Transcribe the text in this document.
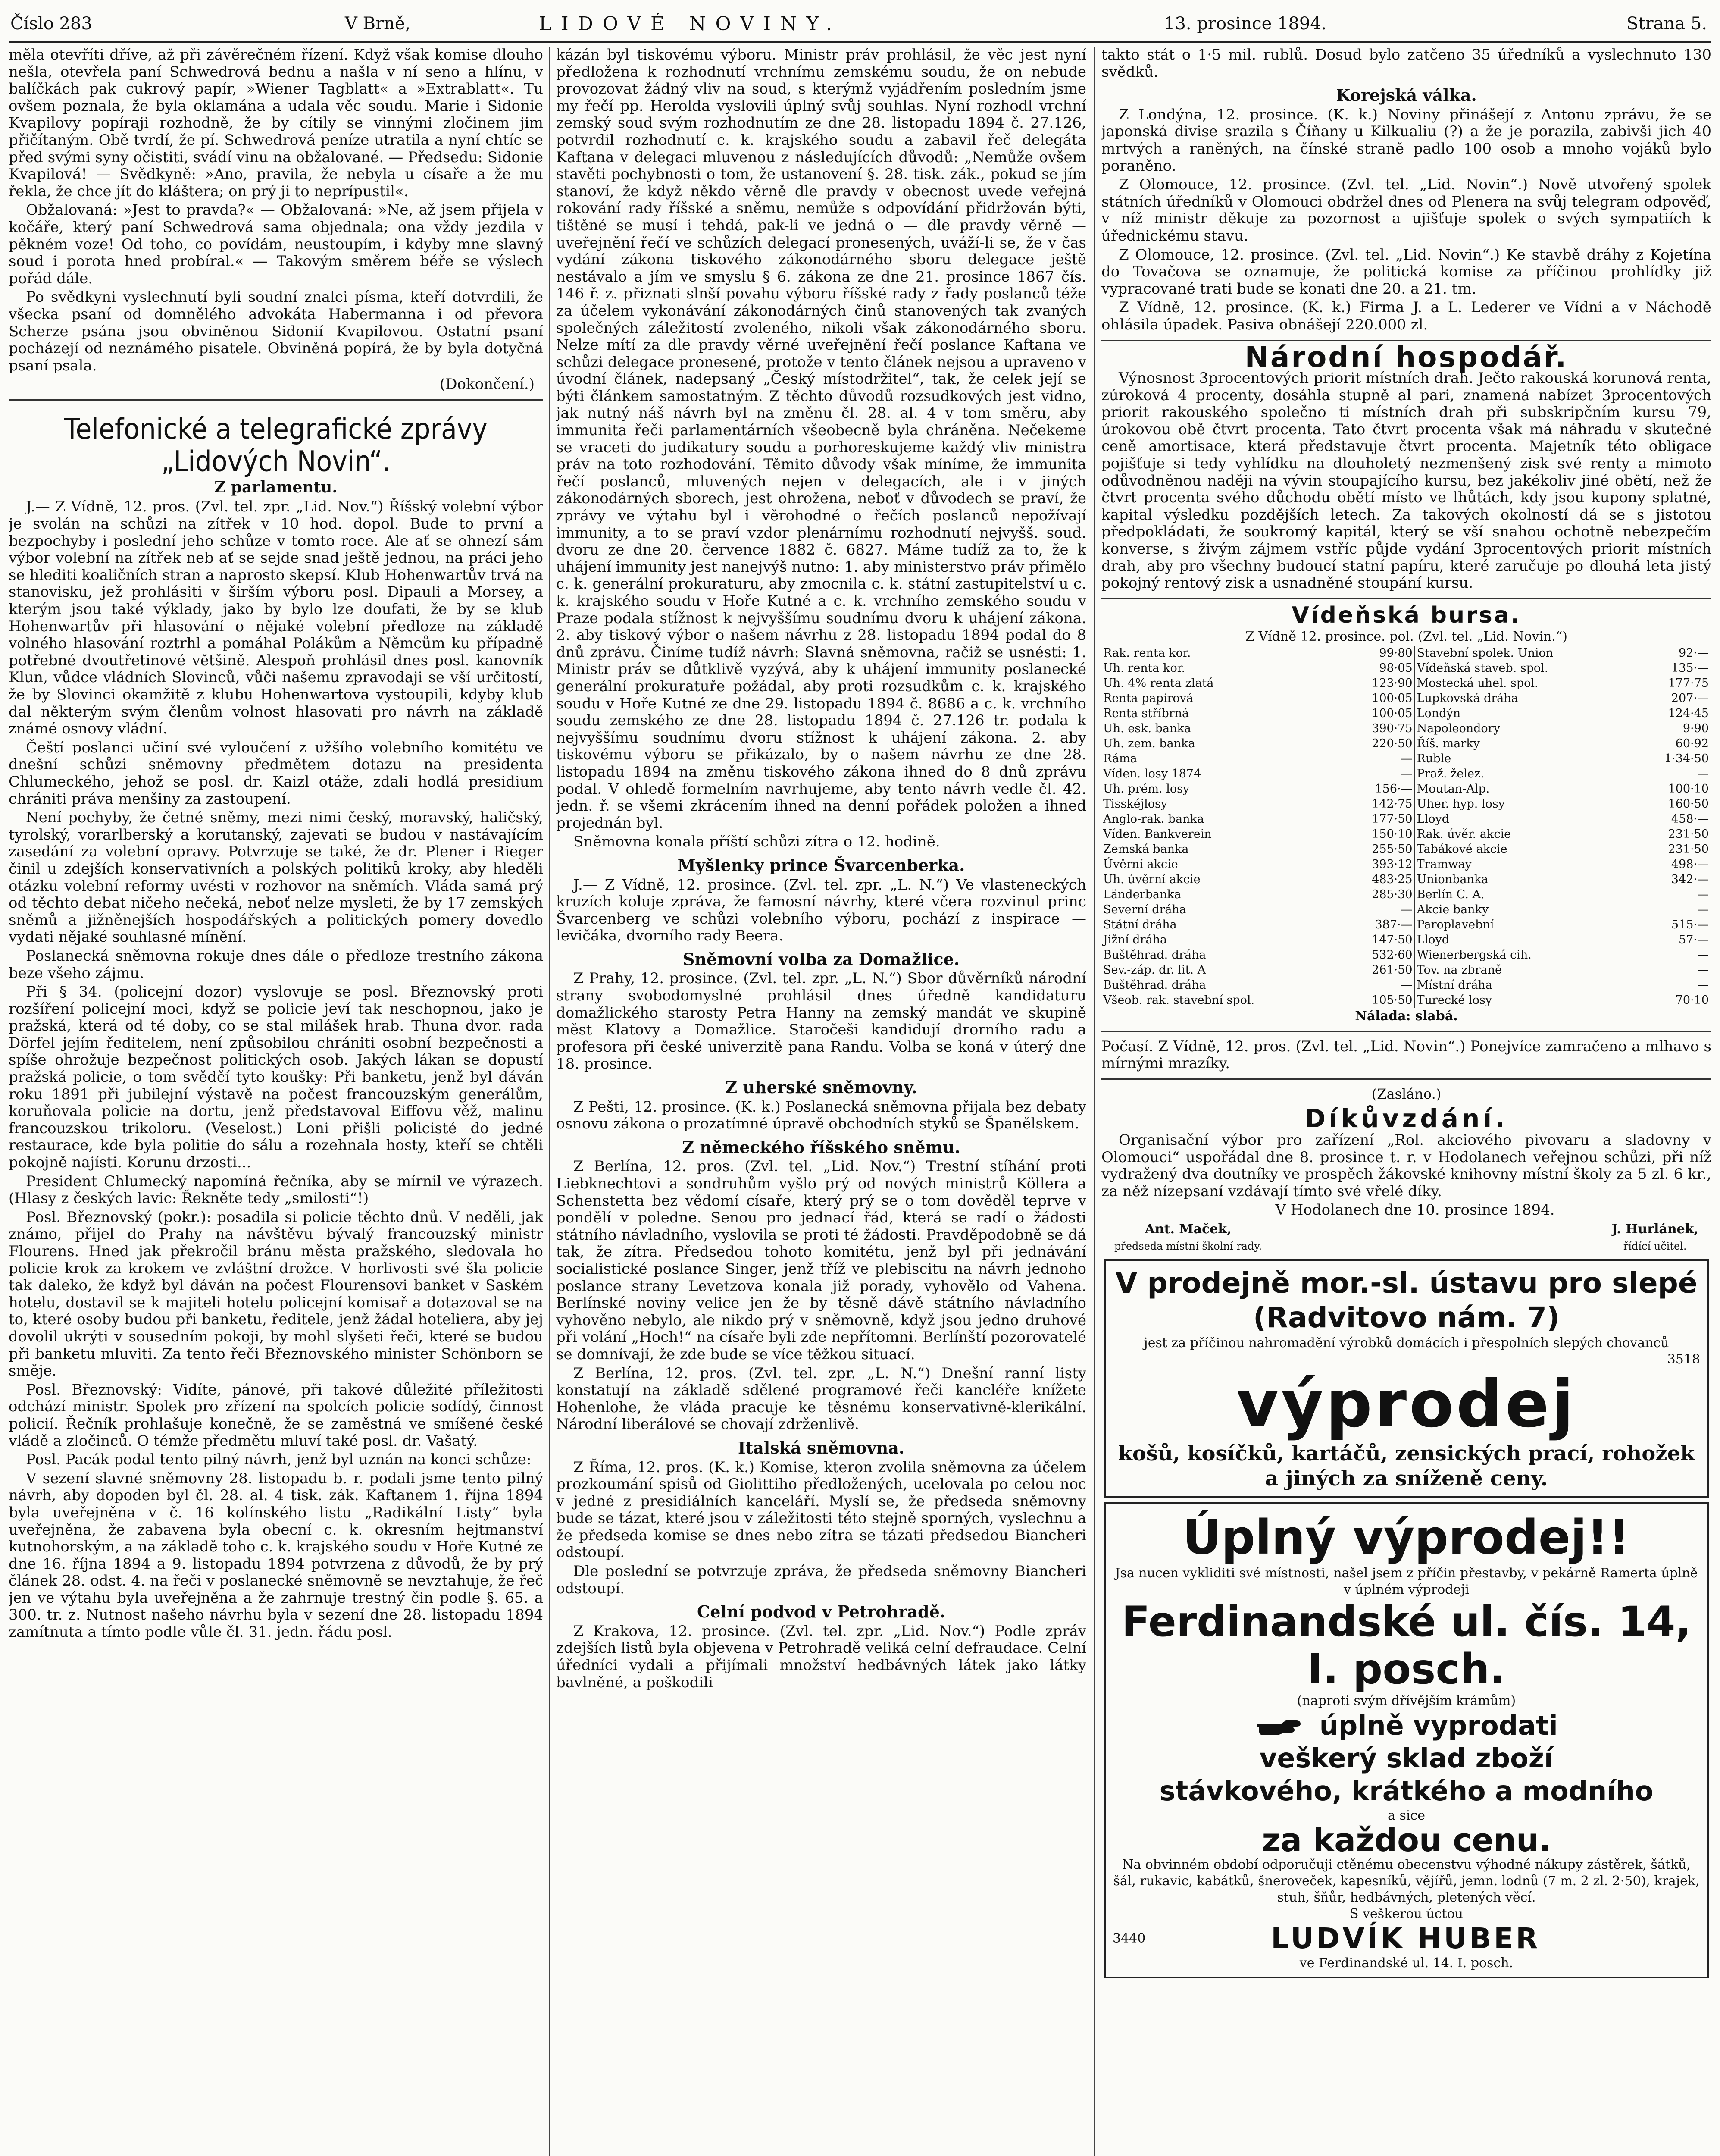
Číslo 283	V Brně,	LIDOVÉ NOVINY.	13. prosince 1894.	Strana 5.

měla otevříti dříve, až při závěrečném řízení. Když však komise dlouho nešla, otevřela paní Schwedrová bednu a našla v ní seno a hlínu, v balíčkách pak cukrový papír, »Wiener Tagblatt« a »Extrablatt«. Tu ovšem poznala, že byla oklamána a udala věc soudu. Marie i Sidonie Kvapilovy popíraji rozhodně, že by cítily se vinnými zločinem jim přičítaným. Obě tvrdí, že pí. Schwedrová peníze utratila a nyní chtíc se před svými syny očistiti, svádí vinu na obžalované. — Předsedu: Sidonie Kvapilová! — Svědkyně: »Ano, pravila, že nebyla u císaře a že mu řekla, že chce jít do kláštera; on prý ji to neprípustil«.

Obžalovaná: »Jest to pravda?« — Obžalovaná: »Ne, až jsem přijela v kočáře, který paní Schwedrová sama objednala; ona vždy jezdila v pěkném voze! Od toho, co povídám, neustoupím, i kdyby mne slavný soud i porota hned probíral.« — Takovým směrem béře se výslech pořád dále.

Po svědkyni vyslechnutí byli soudní znalci písma, kteří dotvrdili, že všecka psaní od domnělého advokáta Habermanna i od převora Scherze psána jsou obviněnou Sidonií Kvapilovou. Ostatní psaní pocházejí od neznámého pisatele. Obviněná popírá, že by byla dotyčná psaní psala.

(Dokončení.)
Telefonické a telegrafické zprávy „Lidových Novin“.
Z parlamentu.

J.— Z Vídně, 12. pros. (Zvl. tel. zpr. „Lid. Nov.“) Říšský volební výbor je svolán na schůzi na zítřek v 10 hod. dopol. Bude to první a bezpochyby i poslední jeho schůze v tomto roce. Ale ať se ohnezí sám výbor volební na zítřek neb ať se sejde snad ještě jednou, na práci jeho se hlediti koaličních stran a naprosto skepsí. Klub Hohenwartův trvá na stanovisku, jež prohlásiti v širším výboru posl. Dipauli a Morsey, a kterým jsou také výklady, jako by bylo lze doufati, že by se klub Hohenwartův při hlasování o nějaké volební předloze na základě volného hlasování roztrhl a pomáhal Polákům a Němcům ku případně potřebné dvoutřetinové většině. Alespoň prohlásil dnes posl. kanovník Klun, vůdce vládních Slovinců, vůči našemu zpravodaji se vší určitostí, že by Slovinci okamžitě z klubu Hohenwartova vystoupili, kdyby klub dal některým svým členům volnost hlasovati pro návrh na základě známé osnovy vládní.

Čeští poslanci učiní své vyloučení z užšího volebního komitétu ve dnešní schůzi sněmovny předmětem dotazu na presidenta Chlumeckého, jehož se posl. dr. Kaizl otáže, zdali hodlá presidium chrániti práva menšiny za zastoupení.

Není pochyby, že četné sněmy, mezi nimi český, moravský, haličský, tyrolský, vorarlberský a korutanský, zajevati se budou v nastávajícím zasedání za volební opravy. Potvrzuje se také, že dr. Plener i Rieger činil u zdejších konservativních a polských politiků kroky, aby hleděli otázku volební reformy uvésti v rozhovor na sněmích. Vláda samá prý od těchto debat ničeho nečeká, neboť nelze mysleti, že by 17 zemských sněmů a jižněnejších hospodářských a politických pomery dovedlo vydati nějaké souhlasné mínění.

Poslanecká sněmovna rokuje dnes dále o předloze trestního zákona beze všeho zájmu.

Při § 34. (policejní dozor) vyslovuje se posl. Březnovský proti rozšíření policejní moci, když se policie jeví tak neschopnou, jako je pražská, která od té doby, co se stal milášek hrab. Thuna dvor. rada Dörfel jejím ředitelem, není způsobilou chrániti osobní bezpečnosti a spíše ohrožuje bezpečnost politických osob. Jakých lákan se dopustí pražská policie, o tom svědčí tyto koušky: Při banketu, jenž byl dáván roku 1891 při jubilejní výstavě na počest francouzským generálům, koruňovala policie na dortu, jenž představoval Eiffovu věž, malinu francouzskou trikoloru. (Veselost.) Loni přišli policisté do jedné restaurace, kde byla politie do sálu a rozehnala hosty, kteří se chtěli pokojně najísti. Korunu drzosti...

President Chlumecký napomíná řečníka, aby se mírnil ve výrazech. (Hlasy z českých lavic: Řekněte tedy „smilosti“!)

Posl. Březnovský (pokr.): posadila si policie těchto dnů. V neděli, jak známo, přijel do Prahy na návštěvu bývalý francouzský ministr Flourens. Hned jak překročil bránu města pražského, sledovala ho policie krok za krokem ve zvláštní drožce. V horlivosti své šla policie tak daleko, že když byl dáván na počest Flourensovi banket v Saském hotelu, dostavil se k majiteli hotelu policejní komisař a dotazoval se na to, které osoby budou při banketu, ředitele, jenž žádal hoteliera, aby jej dovolil ukrýti v sousedním pokoji, by mohl slyšeti řeči, které se budou při banketu mluviti. Za tento řeči Březnovského minister Schönborn se směje.

Posl. Březnovský: Vidíte, pánové, při takové důležité příležitosti odchází ministr. Spolek pro zřízení na spolcích policie sodídý, činnost policií. Řečník prohlašuje konečně, že se zaměstná ve smíšené české vládě a zločinců. O témže předmětu mluví také posl. dr. Vašatý.

Posl. Pacák podal tento pilný návrh, jenž byl uznán na konci schůze:

V sezení slavné sněmovny 28. listopadu b. r. podali jsme tento pilný návrh, aby dopoden byl čl. 28. al. 4 tisk. zák. Kaftanem 1. října 1894 byla uveřejněna v č. 16 kolínského listu „Radikální Listy“ byla uveřejněna, že zabavena byla obecní c. k. okresním hejtmanství kutnohorským, a na základě toho c. k. krajského soudu v Hoře Kutné ze dne 16. října 1894 a 9. listopadu 1894 potvrzena z důvodů, že by prý článek 28. odst. 4. na řeči v poslanecké sněmovně se nevztahuje, že řeč jen ve výtahu byla uveřejněna a že zahrnuje trestný čin podle §. 65. a 300. tr. z. Nutnost našeho návrhu byla v sezení dne 28. listopadu 1894 zamítnuta a tímto podle vůle čl. 31. jedn. řádu posl.

kázán byl tiskovému výboru. Ministr práv prohlásil, že věc jest nyní předložena k rozhodnutí vrchnímu zemskému soudu, že on nebude provozovat žádný vliv na soud, s kterýmž vyjádřením posledním jsme my řečí pp. Herolda vyslovili úplný svůj souhlas. Nyní rozhodl vrchní zemský soud svým rozhodnutím ze dne 28. listopadu 1894 č. 27.126, potvrdil rozhodnutí c. k. krajského soudu a zabavil řeč delegáta Kaftana v delegaci mluvenou z následujících důvodů: „Nemůže ovšem stavěti pochybnosti o tom, že ustanovení §. 28. tisk. zák., pokud se jím stanoví, že když někdo věrně dle pravdy v obecnost uvede veřejná rokování rady říšské a sněmu, nemůže s odpovídání přidržován býti, tištěné se musí i tehdá, pak-li ve jedná o — dle pravdy věrně — uveřejnění řečí ve schůzích delegací pronesených, uváží-li se, že v čas vydání zákona tiskového zákonodárného sboru delegace ještě nestávalo a jím ve smyslu § 6. zákona ze dne 21. prosince 1867 čís. 146 ř. z. přiznati slnší povahu výboru říšské rady z řady poslanců téže za účelem vykonávání zákonodárných činů stanovených tak zvaných společných záležitostí zvoleného, nikoli však zákonodárného sboru. Nelze mítí za dle pravdy věrné uveřejnění řečí poslance Kaftana ve schůzi delegace pronesené, protože v tento článek nejsou a upraveno v úvodní článek, nadepsaný „Český místodržitel“, tak, že celek její se býti článkem samostatným. Z těchto důvodů rozsudkových jest vidno, jak nutný náš návrh byl na změnu čl. 28. al. 4 v tom směru, aby immunita řeči parlamentárních všeobecně byla chráněna. Nečekeme se vraceti do judikatury soudu a porhoreskujeme každý vliv ministra práv na toto rozhodování. Těmito důvody však míníme, že immunita řečí poslanců, mluvených nejen v delegacích, ale i v jiných zákonodárných sborech, jest ohrožena, neboť v důvodech se praví, že zprávy ve výtahu byl i věrohodné o řečích poslanců nepožívají immunity, a to se praví vzdor plenárnímu rozhodnutí nejvyšš. soud. dvoru ze dne 20. července 1882 č. 6827. Máme tudíž za to, že k uhájení immunity jest nanejvýš nutno: 1. aby ministerstvo práv přimělo c. k. generální prokuraturu, aby zmocnila c. k. státní zastupitelství u c. k. krajského soudu v Hoře Kutné a c. k. vrchního zemského soudu v Praze podala stížnost k nejvyššímu soudnímu dvoru k uhájení zákona. 2. aby tiskový výbor o našem návrhu z 28. listopadu 1894 podal do 8 dnů zprávu. Činíme tudíž návrh: Slavná sněmovna, račiž se usnésti: 1. Ministr práv se důtklivě vyzývá, aby k uhájení immunity poslanecké generální prokuratuře požádal, aby proti rozsudkům c. k. krajského soudu v Hoře Kutné ze dne 29. listopadu 1894 č. 8686 a c. k. vrchního soudu zemského ze dne 28. listopadu 1894 č. 27.126 tr. podala k nejvyššímu soudnímu dvoru stížnost k uhájení zákona. 2. aby tiskovému výboru se přikázalo, by o našem návrhu ze dne 28. listopadu 1894 na změnu tiskového zákona ihned do 8 dnů zprávu podal. V ohledě formelním navrhujeme, aby tento návrh vedle čl. 42. jedn. ř. se všemi zkrácením ihned na denní pořádek položen a ihned projednán byl.

Sněmovna konala příští schůzi zítra o 12. hodině.

Myšlenky prince Švarcenberka.

J.— Z Vídně, 12. prosince. (Zvl. tel. zpr. „L. N.“) Ve vlasteneckých kruzích koluje zpráva, že famosní návrhy, které včera rozvinul princ Švarcenberg ve schůzi volebního výboru, pochází z inspirace — levičáka, dvorního rady Beera.

Sněmovní volba za Domažlice.

Z Prahy, 12. prosince. (Zvl. tel. zpr. „L. N.“) Sbor důvěrníků národní strany svobodomyslné prohlásil dnes úředně kandidaturu domažlického starosty Petra Hanny na zemský mandát ve skupině měst Klatovy a Domažlice. Staročeši kandidují drorního radu a profesora při české univerzitě pana Randu. Volba se koná v úterý dne 18. prosince.

Z uherské sněmovny.

Z Pešti, 12. prosince. (K. k.) Poslanecká sněmovna přijala bez debaty osnovu zákona o prozatímné úpravě obchodních styků se Španělskem.

Z německého říšského sněmu.

Z Berlína, 12. pros. (Zvl. tel. „Lid. Nov.“) Trestní stíhání proti Liebknechtovi a sondruhům vyšlo prý od nových ministrů Köllera a Schenstetta bez vědomí císaře, který prý se o tom dověděl teprve v pondělí v poledne. Senou pro jednací řád, která se radí o žádosti státního návladního, vyslovila se proti té žádosti. Pravděpodobně se dá tak, že zítra. Předsedou tohoto komitétu, jenž byl při jednávání socialistické poslance Singer, jenž tříž ve plebiscitu na návrh jednoho poslance strany Levetzova konala již porady, vyhovělo od Vahena. Berlínské noviny velice jen že by těsně dávě státního návladního vyhověno nebylo, ale nikdo prý v sněmovně, když jsou jedno druhové při volání „Hoch!“ na císaře byli zde nepřítomni. Berlínští pozorovatelé se domnívají, že zde bude se více těžkou situací.

Z Berlína, 12. pros. (Zvl. tel. zpr. „L. N.“) Dnešní ranní listy konstatují na základě sdělené programové řeči kancléře knížete Hohenlohe, že vláda pracuje ke těsnému konservativně-klerikální. Národní liberálové se chovají zdrženlivě.

Italská sněmovna.

Z Říma, 12. pros. (K. k.) Komise, kteron zvolila sněmovna za účelem prozkoumání spisů od Giolittiho předložených, ucelovala po celou noc v jedné z presidiálních kanceláří. Myslí se, že předseda sněmovny bude se tázat, které jsou v záležitosti této stejně sporných, vyslechnu a že předseda komise se dnes nebo zítra se tázati předsedou Biancheri odstoupí.

Dle poslední se potvrzuje zpráva, že předseda sněmovny Biancheri odstoupí.

Celní podvod v Petrohradě.

Z Krakova, 12. prosince. (Zvl. tel. zpr. „Lid. Nov.“) Podle zpráv zdejších listů byla objevena v Petrohradě veliká celní defraudace. Celní úředníci vydali a přijímali množství hedbávných látek jako látky bavlněné, a poškodili

takto stát o 1·5 mil. rublů. Dosud bylo zatčeno 35 úředníků a vyslechnuto 130 svědků.

Korejská válka.

Z Londýna, 12. prosince. (K. k.) Noviny přinášejí z Antonu zprávu, že se japonská divise srazila s Číňany u Kilkualiu (?) a že je porazila, zabivši jich 40 mrtvých a raněných, na čínské straně padlo 100 osob a mnoho vojáků bylo poraněno.

Z Olomouce, 12. prosince. (Zvl. tel. „Lid. Novin“.) Nově utvořený spolek státních úředníků v Olomouci obdržel dnes od Plenera na svůj telegram odpověď, v níž ministr děkuje za pozornost a ujišťuje spolek o svých sympatiích k úřednickému stavu.

Z Olomouce, 12. prosince. (Zvl. tel. „Lid. Novin“.) Ke stavbě dráhy z Kojetína do Tovačova se oznamuje, že politická komise za příčinou prohlídky již vypracované trati bude se konati dne 20. a 21. tm.

Z Vídně, 12. prosince. (K. k.) Firma J. a L. Lederer ve Vídni a v Náchodě ohlásila úpadek. Pasiva obnášejí 220.000 zl.

Národní hospodář.

Výnosnost 3procentových priorit místních drah. Ječto rakouská korunová renta, zúroková 4 procenty, dosáhla stupně al pari, znamená nabízet 3procentových priorit rakouského společno ti místních drah při subskripčním kursu 79, úrokovou obě čtvrt procenta. Tato čtvrt procenta však má náhradu v skutečné ceně amortisace, která představuje čtvrt procenta. Majetník této obligace pojišťuje si tedy vyhlídku na dlouholetý nezmenšený zisk své renty a mimoto odůvodněnou naději na vývin stoupajícího kursu, bez jakékoliv jiné obětí, než že čtvrt procenta svého důchodu obětí místo ve lhůtách, kdy jsou kupony splatné, kapital výsledku pozdějších letech. Za takových okolností dá se s jistotou předpokládati, že soukromý kapitál, který se vší snahou ochotně nebezpečím konverse, s živým zájmem vstříc půjde vydání 3procentových priorit místních drah, aby pro všechny budoucí statní papíru, které zaručuje po dlouhá leta jistý pokojný rentový zisk a usnadněné stoupání kursu.

Vídeňská bursa.
Z Vídně 12. prosince. pol. (Zvl. tel. „Lid. Novin.“)
Rak. renta kor.	99·80	Stavební spolek. Union	92·—
Uh. renta kor.	98·05	Vídeňská staveb. spol.	135·—
Uh. 4% renta zlatá	123·90	Mostecká uhel. spol.	177·75
Renta papírová	100·05	Lupkovská dráha	207·—
Renta stříbrná	100·05	Londýn	124·45
Uh. esk. banka	390·75	Napoleondory	9·90
Uh. zem. banka	220·50	Říš. marky	60·92
Ráma	—	Ruble	1·34·50
Víden. losy 1874	—	Praž. želez.	—
Uh. prém. losy	156·—	Moutan-Alp.	100·10
Tisskéjlosy	142·75	Uher. hyp. losy	160·50
Anglo-rak. banka	177·50	Lloyd	458·—
Víden. Bankverein	150·10	Rak. úvěr. akcie	231·50
Zemská banka	255·50	Tabákové akcie	231·50
Úvěrní akcie	393·12	Tramway	498·—
Uh. úvěrní akcie	483·25	Unionbanka	342·—
Länderbanka	285·30	Berlín C. A.	—
Severní dráha	—	Akcie banky	—
Státní dráha	387·—	Paroplavební	515·—
Jižní dráha	147·50	Lloyd	57·—
Buštěhrad. dráha	532·60	Wienerbergská cih.	—
Sev.-záp. dr. lit. A	261·50	Tov. na zbraně	—
Buštěhrad. dráha	—	Místní dráha	—
Všeob. rak. stavební spol.	105·50	Turecké losy	70·10
Nálada: slabá.

Počasí. Z Vídně, 12. pros. (Zvl. tel. „Lid. Novin“.) Ponejvíce zamračeno a mlhavo s mírnými mrazíky.

(Zasláno.)
Díkůvzdání.

Organisační výbor pro zařízení „Rol. akciového pivovaru a sladovny v Olomouci“ uspořádal dne 8. prosince t. r. v Hodolanech veřejnou schůzi, při níž vydražený dva doutníky ve prospěch žákovské knihovny místní školy za 5 zl. 6 kr., za něž nízepsaní vzdávají tímto své vřelé díky.

V Hodolanech dne 10. prosince 1894.

Ant. Maček,
předseda místní školní rady.
J. Hurlánek,
řídící učitel.
V prodejně mor.-sl. ústavu pro slepé (Radvitovo nám. 7)
jest za příčinou nahromadění výrobků domácích i přespolních slepých chovanců
3518
výprodej
košů, kosíčků, kartáčů, zensických prací, rohožek a jiných za sníženě ceny.
Úplný výprodej!!
Jsa nucen vykliditi své místnosti, našel jsem z příčin přestavby, v pekárně Ramerta úplně v úplném výprodeji
Ferdinandské ul. čís. 14, I. posch.
(naproti svým dřívějším krámům)
úplně vyprodati
veškerý sklad zboží
stávkového, krátkého a modního
a sice
za každou cenu.
Na obvinném období odporučuji ctěnému obecenstvu výhodné nákupy zástěrek, šátků, šál, rukavic, kabátků, šneroveček, kapesníků, vějířů, jemn. lodnů (7 m. 2 zl. 2·50), krajek, stuh, šňůr, hedbávných, pletených věcí.
S veškerou úctou
3440	LUDVÍK HUBER
ve Ferdinandské ul. 14. I. posch.
